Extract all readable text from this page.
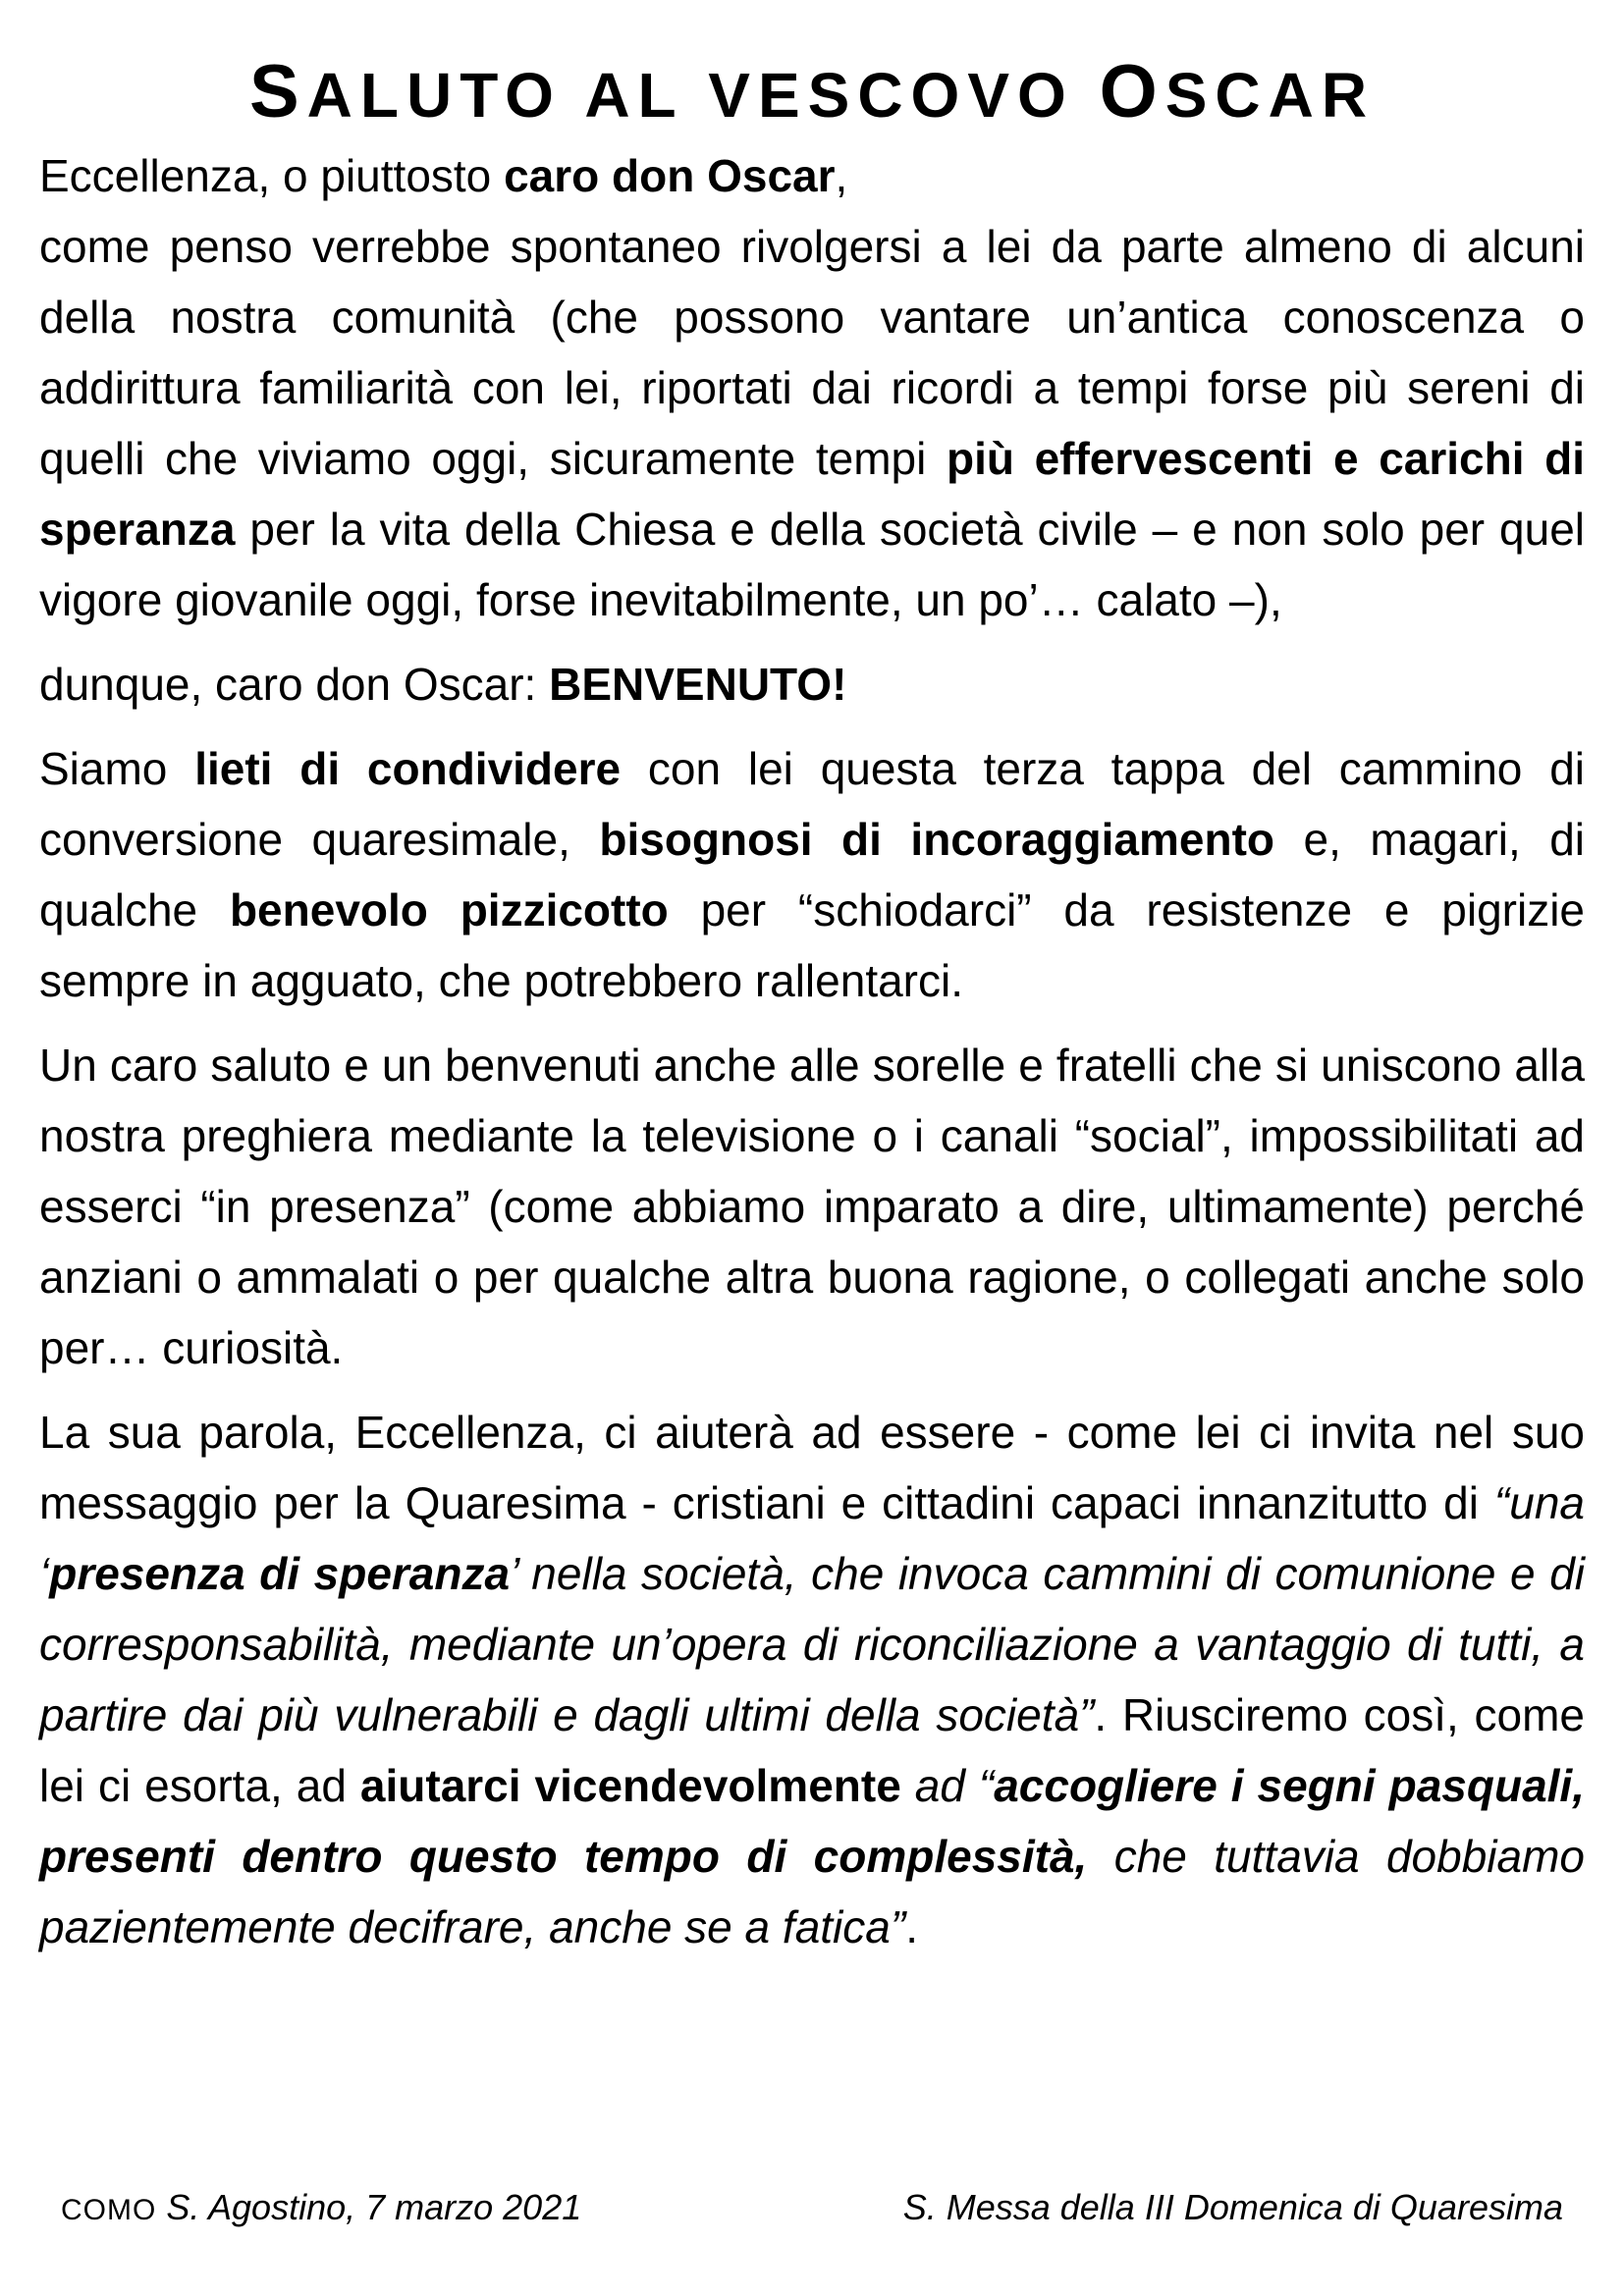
SALUTO AL VESCOVO OSCAR

Eccellenza, o piuttosto caro don Oscar,
come penso verrebbe spontaneo rivolgersi a lei da parte almeno di alcuni della nostra comunità (che possono vantare un’antica conoscenza o addirittura familiarità con lei, riportati dai ricordi a tempi forse più sereni di quelli che viviamo oggi, sicuramente tempi più effervescenti e carichi di speranza per la vita della Chiesa e della società civile – e non solo per quel vigore giovanile oggi, forse inevitabilmente, un po’… calato –),

dunque, caro don Oscar: BENVENUTO!

Siamo lieti di condividere con lei questa terza tappa del cammino di conversione quaresimale, bisognosi di incoraggiamento e, magari, di qualche benevolo pizzicotto per “schiodarci” da resistenze e pigrizie sempre in agguato, che potrebbero rallentarci.

Un caro saluto e un benvenuti anche alle sorelle e fratelli che si uniscono alla nostra preghiera mediante la televisione o i canali “social”, impossibilitati ad esserci “in presenza” (come abbiamo imparato a dire, ultimamente) perché anziani o ammalati o per qualche altra buona ragione, o collegati anche solo per… curiosità.

La sua parola, Eccellenza, ci aiuterà ad essere - come lei ci invita nel suo messaggio per la Quaresima - cristiani e cittadini capaci innanzitutto di “una ‘presenza di speranza’ nella società, che invoca cammini di comunione e di corresponsabilità, mediante un’opera di riconciliazione a vantaggio di tutti, a partire dai più vulnerabili e dagli ultimi della società”. Riusciremo così, come lei ci esorta, ad aiutarci vicendevolmente ad “accogliere i segni pasquali, presenti dentro questo tempo di complessità, che tuttavia dobbiamo pazientemente decifrare, anche se a fatica”.

COMO S. Agostino, 7 marzo 2021	S. Messa della III Domenica di Quaresima
